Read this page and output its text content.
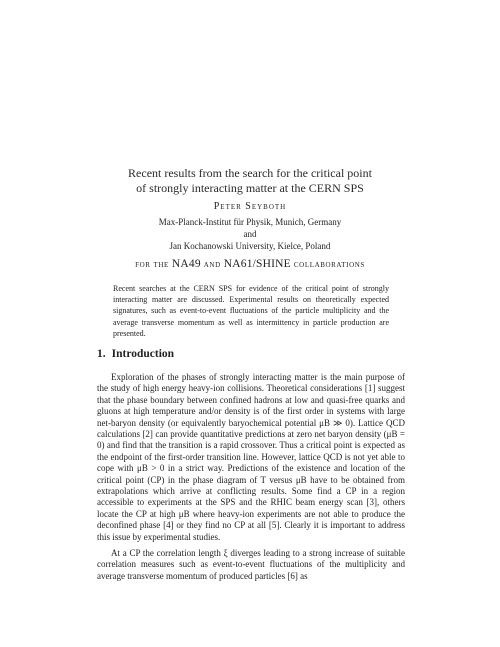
Recent results from the search for the critical point
of strongly interacting matter at the CERN SPS
Peter Seyboth
Max-Planck-Institut für Physik, Munich, Germany
and
Jan Kochanowski University, Kielce, Poland
for the NA49 and NA61/SHINE collaborations
Recent searches at the CERN SPS for evidence of the critical point of strongly interacting matter are discussed. Experimental results on theoretically expected signatures, such as event-to-event fluctuations of the particle multiplicity and the average transverse momentum as well as intermittency in particle production are presented.
1. Introduction

Exploration of the phases of strongly interacting matter is the main purpose of the study of high energy heavy-ion collisions. Theoretical considerations [1] suggest that the phase boundary between confined hadrons at low and quasi-free quarks and gluons at high temperature and/or density is of the first order in systems with large net-baryon density (or equivalently baryochemical potential μB ≫ 0). Lattice QCD calculations [2] can provide quantitative predictions at zero net baryon density (μB = 0) and find that the transition is a rapid crossover. Thus a critical point is expected as the endpoint of the first-order transition line. However, lattice QCD is not yet able to cope with μB > 0 in a strict way. Predictions of the existence and location of the critical point (CP) in the phase diagram of T versus μB have to be obtained from extrapolations which arrive at conflicting results. Some find a CP in a region accessible to experiments at the SPS and the RHIC beam energy scan [3], others locate the CP at high μB where heavy-ion experiments are not able to produce the deconfined phase [4] or they find no CP at all [5]. Clearly it is important to address this issue by experimental studies.

At a CP the correlation length ξ diverges leading to a strong increase of suitable correlation measures such as event-to-event fluctuations of the multiplicity and average transverse momentum of produced particles [6] as
